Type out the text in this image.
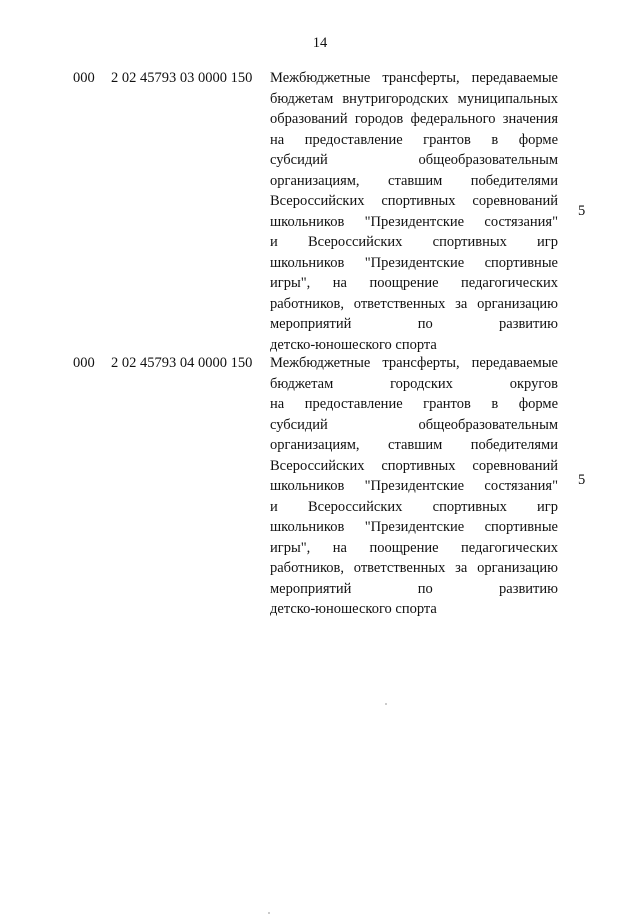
14
000 2 02 45793 03 0000 150 Межбюджетные трансферты, передаваемые
бюджетам внутригородских муниципальных
образований городов федерального значения
на предоставление грантов в форме
субсидий общеобразовательным
организациям, ставшим победителями
Всероссийских спортивных соревнований
школьников "Президентские состязания"
и Всероссийских спортивных игр
школьников "Президентские спортивные
игры", на поощрение педагогических
работников, ответственных за организацию
мероприятий по развитию
детско-юношеского спорта
5
000 2 02 45793 04 0000 150 Межбюджетные трансферты, передаваемые
бюджетам городских округов
на предоставление грантов в форме
субсидий общеобразовательным
организациям, ставшим победителями
Всероссийских спортивных соревнований
школьников "Президентские состязания"
и Всероссийских спортивных игр
школьников "Президентские спортивные
игры", на поощрение педагогических
работников, ответственных за организацию
мероприятий по развитию
детско-юношеского спорта
5
